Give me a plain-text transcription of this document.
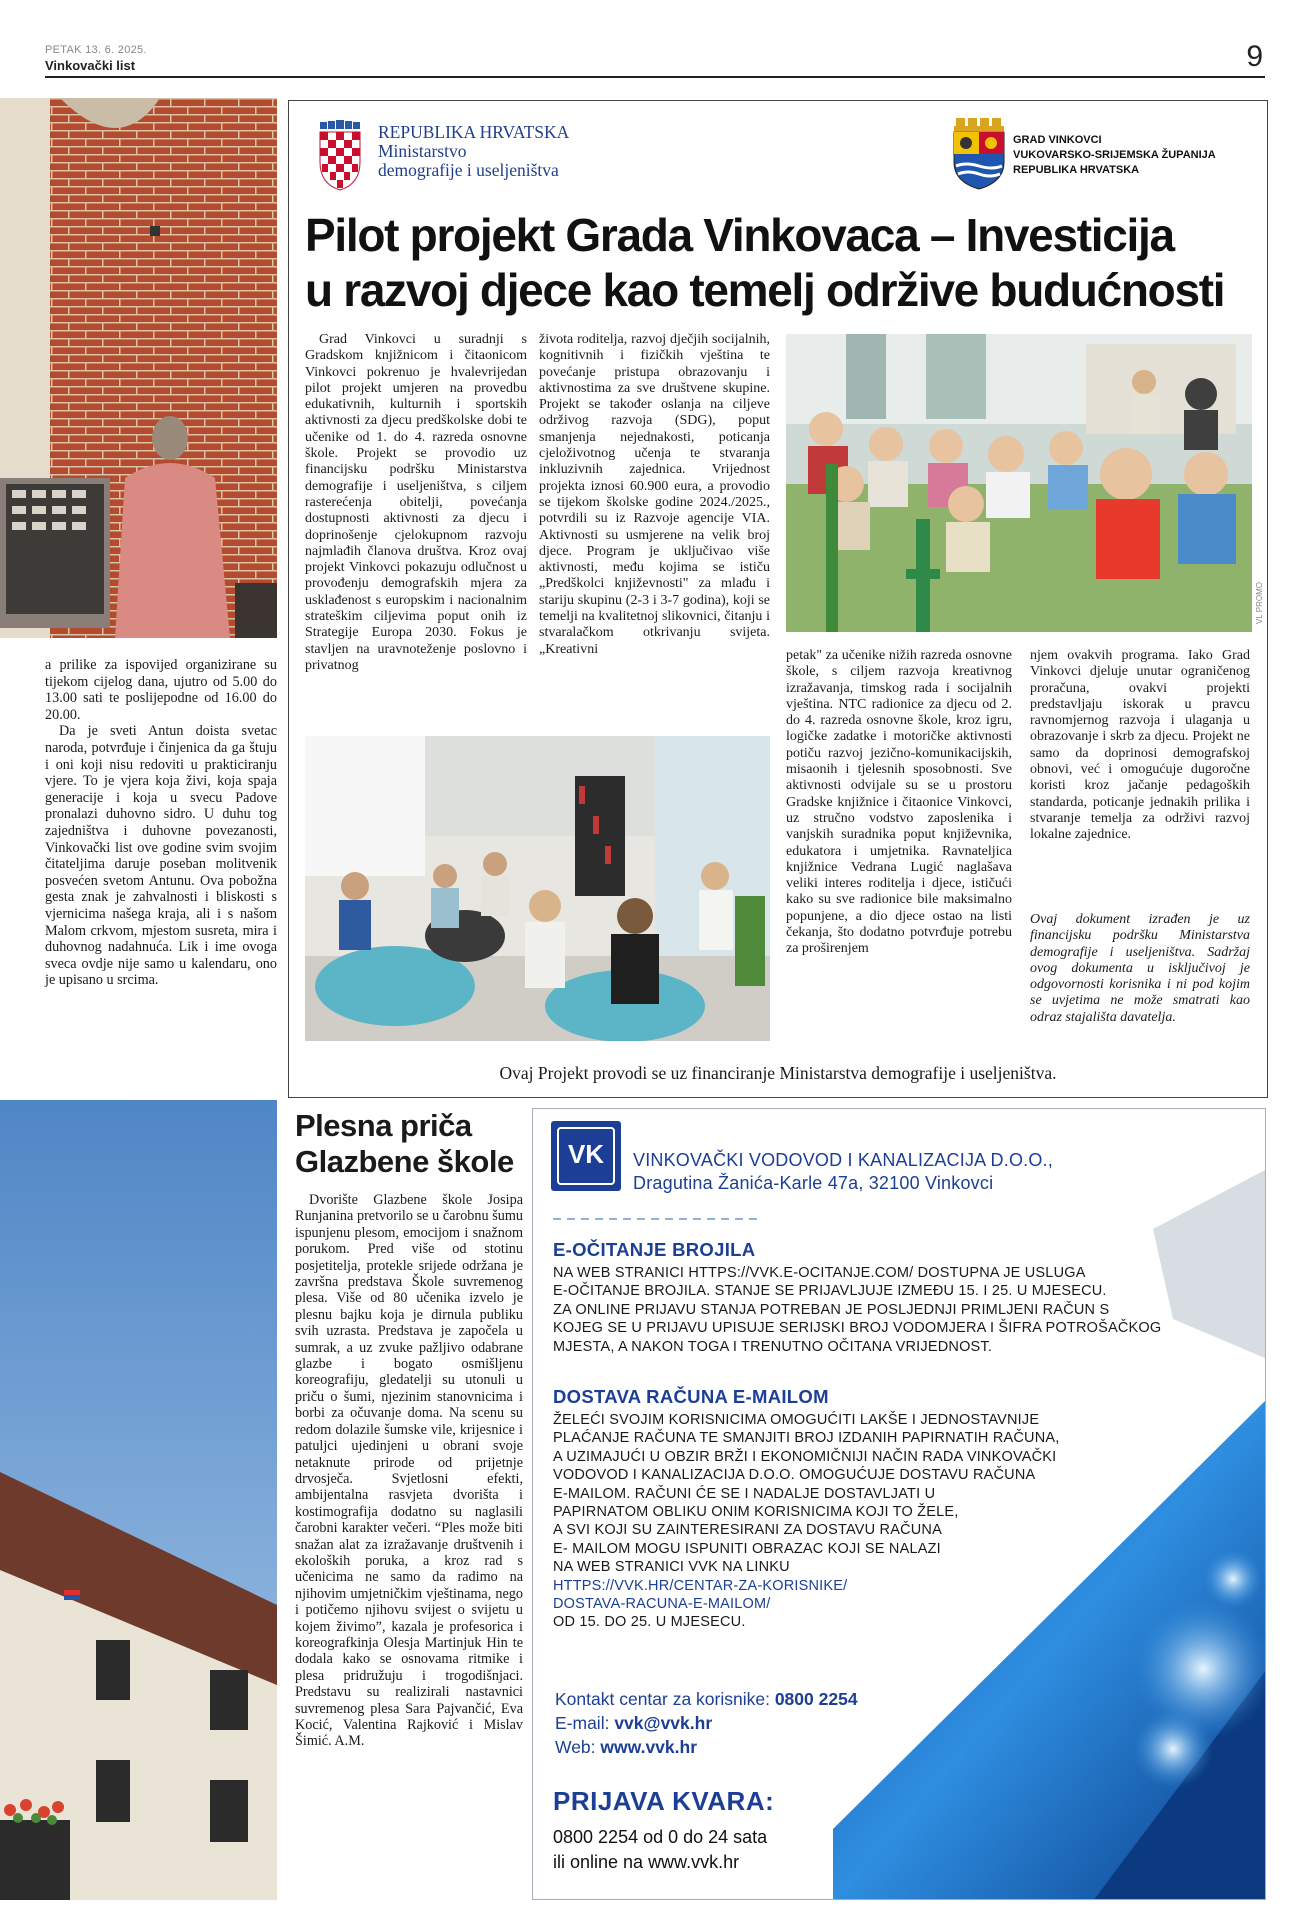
PETAK 13. 6. 2025.
Vinkovački list	9

a prilike za ispovijed organizirane su tijekom cijelog dana, ujutro od 5.00 do 13.00 sati te poslijepodne od 16.00 do 20.00.

Da je sveti Antun doista svetac naroda, potvrđuje i činjenica da ga štuju i oni koji nisu redoviti u prakticiranju vjere. To je vjera koja živi, koja spaja generacije i koja u svecu Padove pronalazi duhovno sidro. U duhu tog zajedništva i duhovne povezanosti, Vinkovački list ove godine svim svojim čitateljima daruje poseban molitvenik posvećen svetom Antunu. Ova pobožna gesta znak je zahvalnosti i bliskosti s vjernicima našega kraja, ali i s našom Malom crkvom, mjestom susreta, mira i duhovnog nadahnuća. Lik i ime ovoga sveca ovdje nije samo u kalendaru, ono je upisano u srcima.

REPUBLIKA HRVATSKA
Ministarstvo
demografije i useljeništva
GRAD VINKOVCI
VUKOVARSKO-SRIJEMSKA ŽUPANIJA
REPUBLIKA HRVATSKA
Pilot projekt Grada Vinkovaca – Investicija
u razvoj djece kao temelj održive budućnosti

Grad Vinkovci u suradnji s Gradskom knjižnicom i čitaonicom Vinkovci pokrenuo je hvalevrijedan pilot projekt umjeren na provedbu edukativnih, kulturnih i sportskih aktivnosti za djecu predškolske dobi te učenike od 1. do 4. razreda osnovne škole. Projekt se provodio uz financijsku podršku Ministarstva demografije i useljeništva, s ciljem rasterećenja obitelji, povećanja dostupnosti aktivnosti za djecu i doprinošenje cjelokupnom razvoju najmlađih članova društva. Kroz ovaj projekt Vinkovci pokazuju odlučnost u provođenju demografskih mjera za usklađenost s europskim i nacionalnim strateškim ciljevima poput onih iz Strategije Europa 2030. Fokus je stavljen na uravnoteženje poslovno i privatnog

života roditelja, razvoj dječjih socijalnih, kognitivnih i fizičkih vještina te povećanje pristupa obrazovanju i aktivnostima za sve društvene skupine. Projekt se također oslanja na ciljeve održivog razvoja (SDG), poput smanjenja nejednakosti, poticanja cjeloživotnog učenja te stvaranja inkluzivnih zajednica. Vrijednost projekta iznosi 60.900 eura, a provodio se tijekom školske godine 2024./2025., potvrdili su iz Razvoje agencije VIA. Aktivnosti su usmjerene na velik broj djece. Program je uključivao više aktivnosti, među kojima se ističu „Predškolci književnosti" za mlađu i stariju skupinu (2-3 i 3-7 godina), koji se temelji na kvalitetnoj slikovnici, čitanju i stvaralačkom otkrivanju svijeta. „Kreativni

VL PROMO

petak" za učenike nižih razreda osnovne škole, s ciljem razvoja kreativnog izražavanja, timskog rada i socijalnih vještina. NTC radionice za djecu od 2. do 4. razreda osnovne škole, kroz igru, logičke zadatke i motoričke aktivnosti potiču razvoj jezično-komunikacijskih, misaonih i tjelesnih sposobnosti. Sve aktivnosti odvijale su se u prostoru Gradske knjižnice i čitaonice Vinkovci, uz stručno vodstvo zaposlenika i vanjskih suradnika poput književnika, edukatora i umjetnika. Ravnateljica knjižnice Vedrana Lugić naglašava veliki interes roditelja i djece, ističući kako su sve radionice bile maksimalno popunjene, a dio djece ostao na listi čekanja, što dodatno potvrđuje potrebu za proširenjem

njem ovakvih programa. Iako Grad Vinkovci djeluje unutar ograničenog proračuna, ovakvi projekti predstavljaju iskorak u pravcu ravnomjernog razvoja i ulaganja u obrazovanje i skrb za djecu. Projekt ne samo da doprinosi demografskoj obnovi, već i omogućuje dugoročne koristi kroz jačanje pedagoških standarda, poticanje jednakih prilika i stvaranje temelja za održivi razvoj lokalne zajednice.

Ovaj dokument izrađen je uz financijsku podršku Ministarstva demografije i useljeništva. Sadržaj ovog dokumenta u isključivoj je odgovornosti korisnika i ni pod kojim se uvjetima ne može smatrati kao odraz stajališta davatelja.
Ovaj Projekt provodi se uz financiranje Ministarstva demografije i useljeništva.
Plesna priča
Glazbene škole

Dvorište Glazbene škole Josipa Runjanina pretvorilo se u čarobnu šumu ispunjenu plesom, emocijom i snažnom porukom. Pred više od stotinu posjetitelja, protekle srijede održana je završna predstava Škole suvremenog plesa. Više od 80 učenika izvelo je plesnu bajku koja je dirnula publiku svih uzrasta. Predstava je započela u sumrak, a uz zvuke pažljivo odabrane glazbe i bogato osmišljenu koreografiju, gledatelji su utonuli u priču o šumi, njezinim stanovnicima i borbi za očuvanje doma. Na scenu su redom dolazile šumske vile, krijesnice i patuljci ujedinjeni u obrani svoje netaknute prirode od prijetnje drvosječa. Svjetlosni efekti, ambijentalna rasvjeta dvorišta i kostimografija dodatno su naglasili čarobni karakter večeri. “Ples može biti snažan alat za izražavanje društvenih i ekoloških poruka, a kroz rad s učenicima ne samo da radimo na njihovim umjetničkim vještinama, nego i potičemo njihovu svijest o svijetu u kojem živimo”, kazala je profesorica i koreografkinja Olesja Martinjuk Hin te dodala kako se osnovama ritmike i plesa pridružuju i trogodišnjaci. Predstavu su realizirali nastavnici suvremenog plesa Sara Pajvančić, Eva Kocić, Valentina Rajković i Mislav Šimić. A.M.

VK	VINKOVAČKI VODOVOD I KANALIZACIJA D.O.O.,
Dragutina Žanića-Karle 47a, 32100 Vinkovci
E-OČITANJE BROJILA
NA WEB STRANICI HTTPS://VVK.E-OCITANJE.COM/ DOSTUPNA JE USLUGA
E-OČITANJE BROJILA. STANJE SE PRIJAVLJUJE IZMEĐU 15. I 25. U MJESECU.
ZA ONLINE PRIJAVU STANJA POTREBAN JE POSLJEDNJI PRIMLJENI RAČUN S
KOJEG SE U PRIJAVU UPISUJE SERIJSKI BROJ VODOMJERA I ŠIFRA POTROŠAČKOG
MJESTA, A NAKON TOGA I TRENUTNO OČITANA VRIJEDNOST.
DOSTAVA RAČUNA E-MAILOM
ŽELEĆI SVOJIM KORISNICIMA OMOGUĆITI LAKŠE I JEDNOSTAVNIJE
PLAĆANJE RAČUNA TE SMANJITI BROJ IZDANIH PAPIRNATIH RAČUNA,
A UZIMAJUĆI U OBZIR BRŽI I EKONOMIČNIJI NAČIN RADA VINKOVAČKI
VODOVOD I KANALIZACIJA D.O.O. OMOGUĆUJE DOSTAVU RAČUNA
E-MAILOM. RAČUNI ĆE SE I NADALJE DOSTAVLJATI U
PAPIRNATOM OBLIKU ONIM KORISNICIMA KOJI TO ŽELE,
A SVI KOJI SU ZAINTERESIRANI ZA DOSTAVU RAČUNA
E- MAILOM MOGU ISPUNITI OBRAZAC KOJI SE NALAZI
NA WEB STRANICI VVK NA LINKU
HTTPS://VVK.HR/CENTAR-ZA-KORISNIKE/
DOSTAVA-RACUNA-E-MAILOM/
OD 15. DO 25. U MJESECU.
Kontakt centar za korisnike: 0800 2254
E-mail: vvk@vvk.hr
Web: www.vvk.hr
PRIJAVA KVARA:
0800 2254 od 0 do 24 sata
ili online na www.vvk.hr
